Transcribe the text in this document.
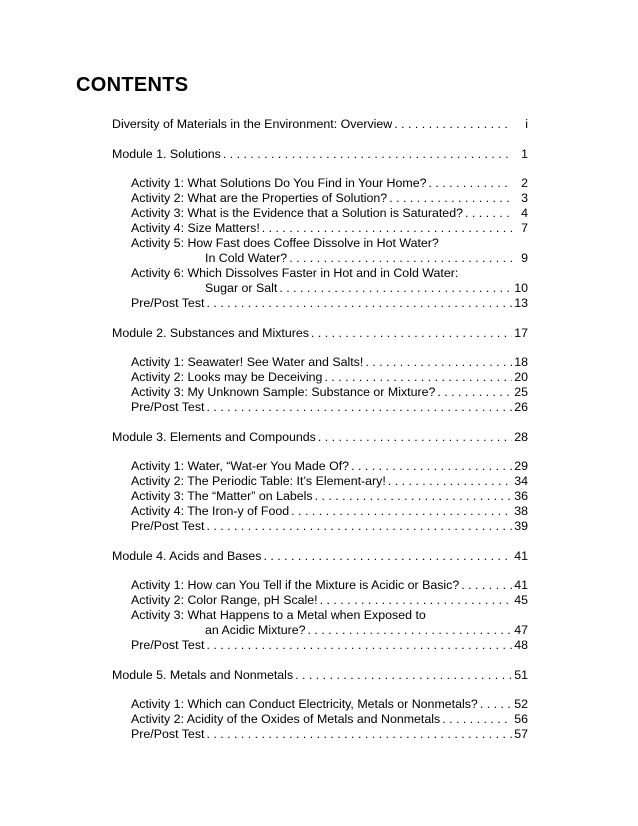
CONTENTS
Diversity of Materials in the Environment: Overview . . .	i
Module 1. Solutions . . .	1
Activity 1: What Solutions Do You Find in Your Home? . . .	2
Activity 2: What are the Properties of Solution? . . .	3
Activity 3: What is the Evidence that a Solution is Saturated? . . .	4
Activity 4: Size Matters! . . .	7
Activity 5: How Fast does Coffee Dissolve in Hot Water?
In Cold Water? . . .	9
Activity 6: Which Dissolves Faster in Hot and in Cold Water:
Sugar or Salt . . .	10
Pre/Post Test . . .	13
Module 2. Substances and Mixtures . . .	17
Activity 1: Seawater! See Water and Salts! . . .	18
Activity 2: Looks may be Deceiving . . .	20
Activity 3: My Unknown Sample: Substance or Mixture? . . .	25
Pre/Post Test . . .	26
Module 3. Elements and Compounds . . .	28
Activity 1: Water, “Wat-er You Made Of? . . .	29
Activity 2: The Periodic Table: It’s Element-ary! . . .	34
Activity 3: The “Matter” on Labels . . .	36
Activity 4: The Iron-y of Food . . .	38
Pre/Post Test . . .	39
Module 4. Acids and Bases . . .	41
Activity 1: How can You Tell if the Mixture is Acidic or Basic? . . .	41
Activity 2: Color Range, pH Scale! . . .	45
Activity 3: What Happens to a Metal when Exposed to
an Acidic Mixture? . . .	47
Pre/Post Test . . .	48
Module 5. Metals and Nonmetals . . .	51
Activity 1: Which can Conduct Electricity, Metals or Nonmetals? . . .	52
Activity 2: Acidity of the Oxides of Metals and Nonmetals . . .	56
Pre/Post Test . . .	57
